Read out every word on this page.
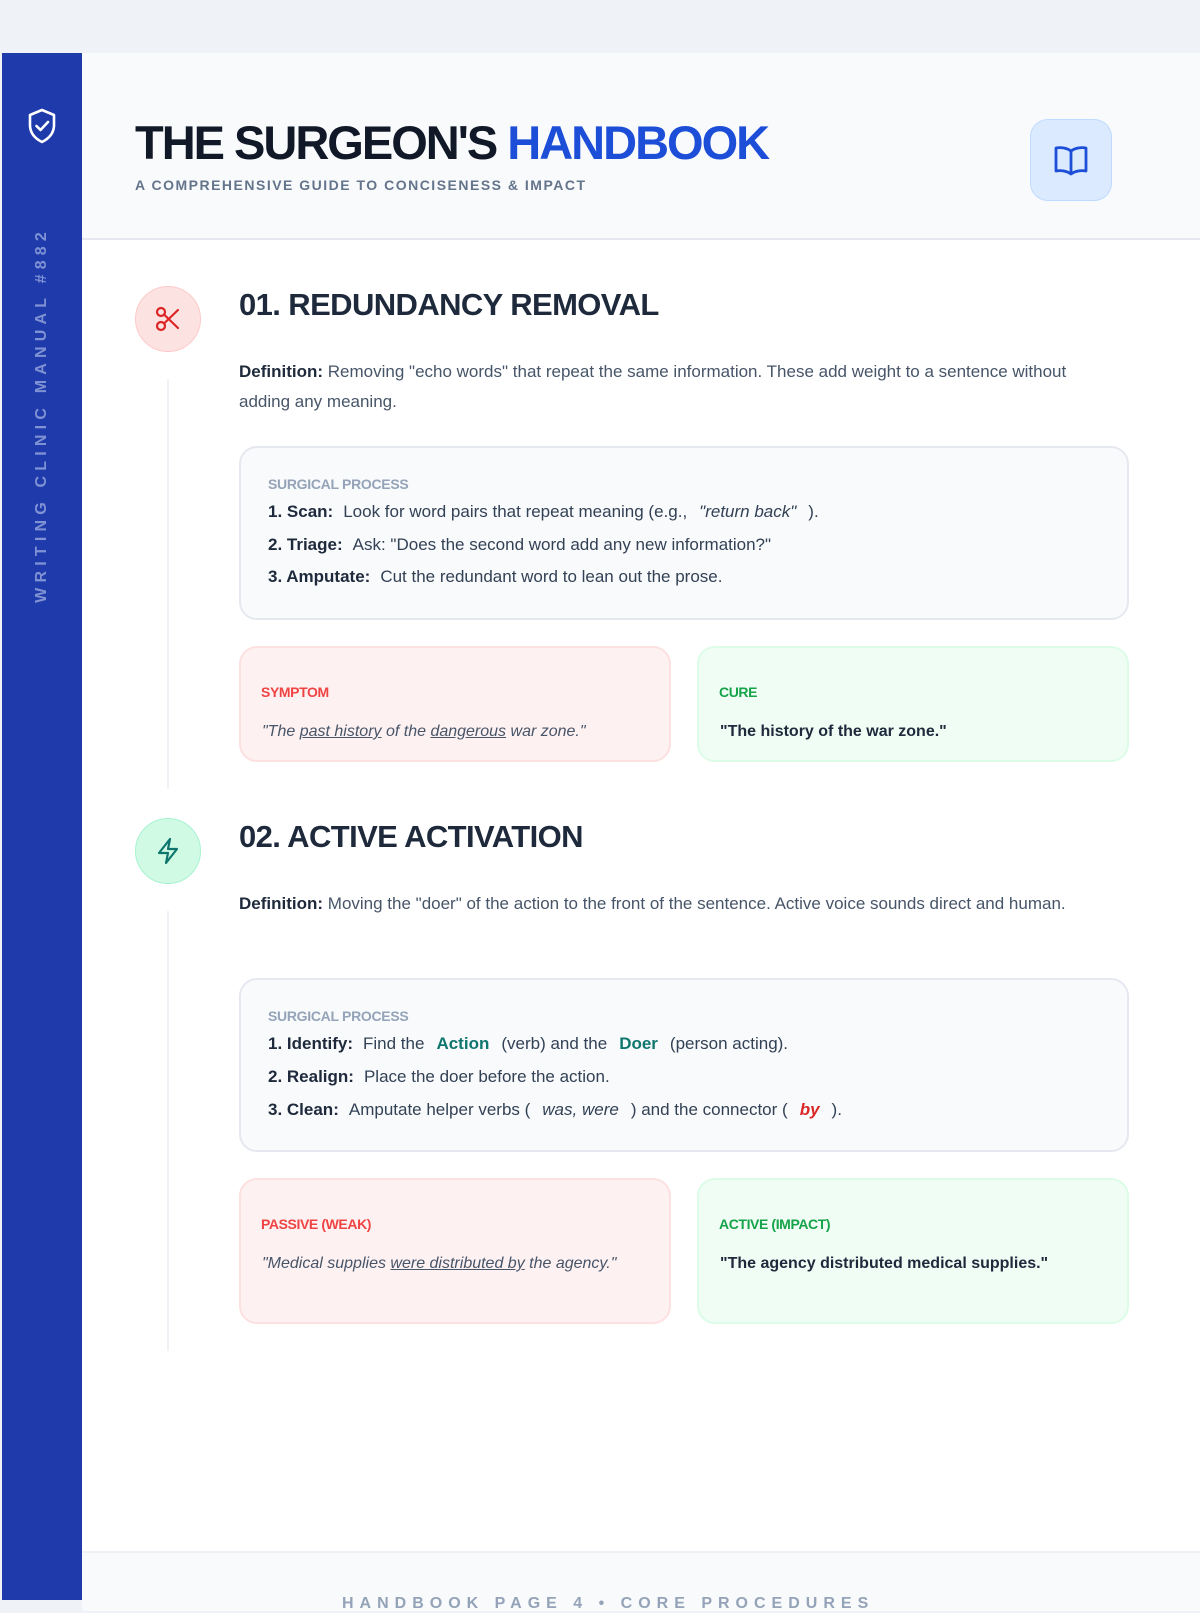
WRITING CLINIC MANUAL #882
THE SURGEON'S HANDBOOK
A COMPREHENSIVE GUIDE TO CONCISENESS & IMPACT
01. REDUNDANCY REMOVAL
Definition: Removing "echo words" that repeat the same information. These add weight to a sentence without adding any meaning.
SURGICAL PROCESS
1. Scan: Look for word pairs that repeat meaning (e.g., "return back" ).
2. Triage: Ask: "Does the second word add any new information?"
3. Amputate: Cut the redundant word to lean out the prose.
SYMPTOM
"The past history of the dangerous war zone."
CURE
"The history of the war zone."
02. ACTIVE ACTIVATION
Definition: Moving the "doer" of the action to the front of the sentence. Active voice sounds direct and human.
SURGICAL PROCESS
1. Identify: Find the Action (verb) and the Doer (person acting).
2. Realign: Place the doer before the action.
3. Clean: Amputate helper verbs ( was, were ) and the connector ( by ).
PASSIVE (WEAK)
"Medical supplies were distributed by the agency."
ACTIVE (IMPACT)
"The agency distributed medical supplies."
HANDBOOK PAGE 4 • CORE PROCEDURES
